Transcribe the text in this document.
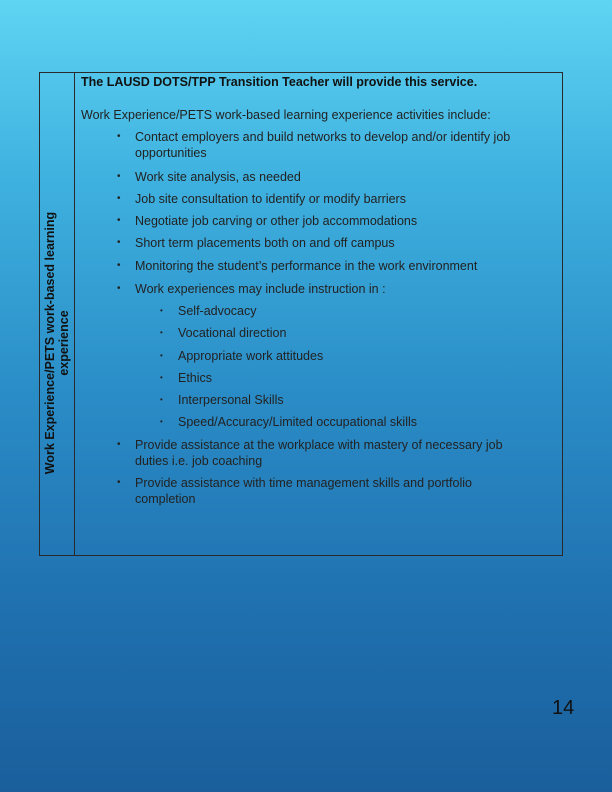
Work Experience/PETS work-based learning experience
The LAUSD DOTS/TPP Transition Teacher will provide this service.
Work Experience/PETS work-based learning experience activities include:
• Contact employers and build networks to develop and/or identify job opportunities
• Work site analysis, as needed
• Job site consultation to identify or modify barriers
• Negotiate job carving or other job accommodations
• Short term placements both on and off campus
• Monitoring the student’s performance in the work environment
• Work experiences may include instruction in :
• Self-advocacy
• Vocational direction
• Appropriate work attitudes
• Ethics
• Interpersonal Skills
• Speed/Accuracy/Limited occupational skills
• Provide assistance at the workplace with mastery of necessary job duties i.e. job coaching
• Provide assistance with time management skills and portfolio completion
14
